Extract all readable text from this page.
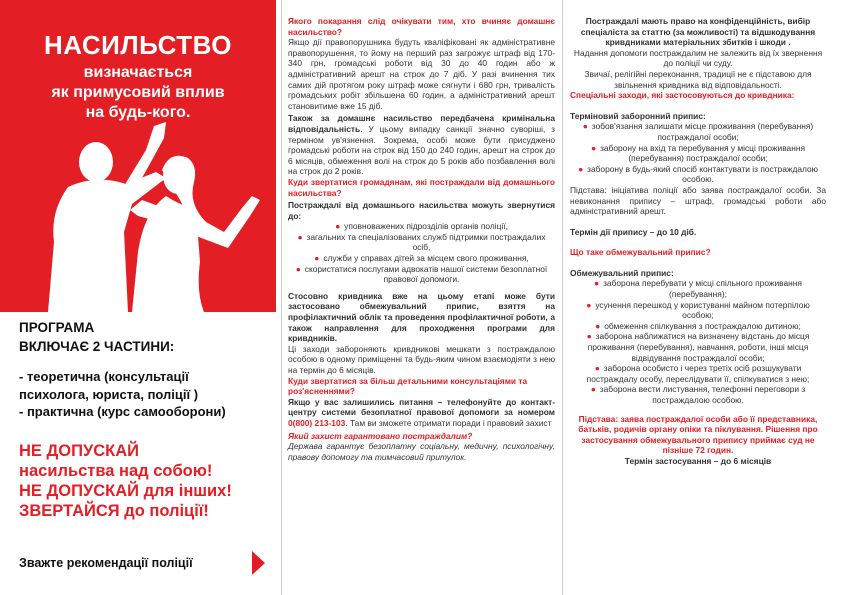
НАСИЛЬСТВО
визначається
як примусовий вплив
на будь-кого.
ПРОГРАМА
ВКЛЮЧАЄ 2 ЧАСТИНИ:
- теоретична (консультації
психолога, юриста, поліції )
- практична (курс самооборони)
НЕ ДОПУСКАЙ
насильства над собою!
НЕ ДОПУСКАЙ для інших!
ЗВЕРТАЙСЯ до поліції!
Зважте рекомендації поліції

Якого покарання слід очікувати тим, хто вчиняє домашнє насильство?

Якщо дії правопорушника будуть кваліфіковані як адміністративне правопорушення, то йому на перший раз загрожує штраф від 170-340 грн, громадські роботи від 30 до 40 годин або ж адміністративний арешт на строк до 7 діб. У разі вчинення тих самих дій протягом року штраф може сягнути і 680 грн, тривалість громадських робіт збільшена 60 годин, а адміністративний арешт становитиме вже 15 діб.

Також за домашнє насильство передбачена кримінальна відповідальність. У цьому випадку санкції значно суворіші, з терміном ув'язнення. Зокрема, особі може бути присуджено громадські роботи на строк від 150 до 240 годин, арешт на строк до 6 місяців, обмеження волі на строк до 5 років або позбавлення волі на строк до 2 років.

Куди звертатися громадянам, які постраждали від домашнього насильства?

Постраждалі від домашнього насильства можуть звернутися до:

● уповноважених підрозділів органів поліції,

● загальних та спеціалізованих служб підтримки постраждалих осіб,

● служби у справах дітей за місцем свого проживання,

● скористатися послугами адвокатів нашої системи безоплатної правової допомоги.

Стосовно кривдника вже на цьому етапі може бути застосовано обмежувальний припис, взяття на профілактичний облік та проведення профілактичної роботи, а також направлення для проходження програми для кривдників.

Ці заходи забороняють кривдникові мешкати з постраждалою особою в одному приміщенні та будь-яким чином взаємодіяти з нею на термін до 6 місяців.

Куди звертатися за більш детальними консультаціями та роз'ясненнями?

Якщо у вас залишились питання – телефонуйте до контакт-центру системи безоплатної правової допомоги за номером 0(800) 213-103. Там ви зможете отримати поради і правовий захист

Який захист гарантовано постраждалим?

Держава гарантує безоплатну соціальну, медичну, психологічну, правову допомогу та тимчасовий притулок.

Постраждалі мають право на конфіденційність, вибір спеціаліста за статтю (за можливості) та відшкодування кривдниками матеріальних збитків і шкоди .

Надання допомоги постраждалим не залежить від їх звернення до поліції чи суду.

Звичаї, релігійні переконання, традиції не є підставою для звільнення кривдника від відповідальності.

Спеціальні заходи, які застосовуються до кривдника:

Терміновий заборонний припис:

● зобов'язання залишати місце проживання (перебування) постраждалої особи;

● заборону на вхід та перебування у місці проживання (перебування) постраждалої особи;

● заборону в будь-який спосіб контактувати із постраждалою особою.

Підстава: ініціатива поліції або заява постраждалої особи. За невиконання припису – штраф, громадські роботи або адміністративний арешт.

Термін дії припису – до 10 діб.

Що таке обмежувальний припис?

Обмежувальний припис:

● заборона перебувати у місці спільного проживання (перебування);

● усунення перешкод у користуванні майном потерпілою особою;

● обмеження спілкування з постраждалою дитиною;

● заборона наближатися на визначену відстань до місця проживання (перебування), навчання, роботи, інші місця відвідування постраждалої особи;

● заборона особисто і через третіх осіб розшукувати постраждалу особу, переслідувати її, спілкуватися з нею;

● заборона вести листування, телефонні переговори з постраждалою особою.

Підстава: заява постраждалої особи або її представника, батьків, родичів органу опіки та піклування. Рішення про застосування обмежувального припису приймає суд не пізніше 72 годин.

Термін застосування – до 6 місяців
